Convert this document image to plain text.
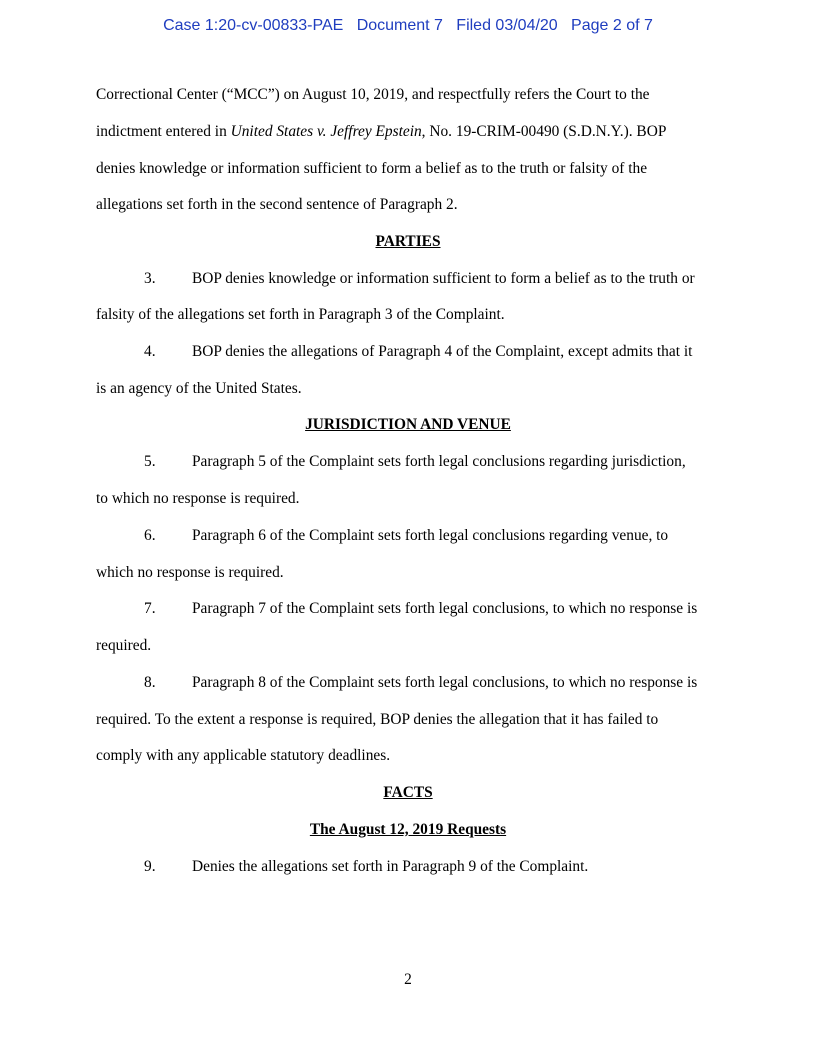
Case 1:20-cv-00833-PAE Document 7 Filed 03/04/20 Page 2 of 7
Correctional Center (“MCC”) on August 10, 2019, and respectfully refers the Court to the
indictment entered in United States v. Jeffrey Epstein, No. 19-CRIM-00490 (S.D.N.Y.). BOP
denies knowledge or information sufficient to form a belief as to the truth or falsity of the
allegations set forth in the second sentence of Paragraph 2.
PARTIES
3. BOP denies knowledge or information sufficient to form a belief as to the truth or
falsity of the allegations set forth in Paragraph 3 of the Complaint.
4. BOP denies the allegations of Paragraph 4 of the Complaint, except admits that it
is an agency of the United States.
JURISDICTION AND VENUE
5. Paragraph 5 of the Complaint sets forth legal conclusions regarding jurisdiction,
to which no response is required.
6. Paragraph 6 of the Complaint sets forth legal conclusions regarding venue, to
which no response is required.
7. Paragraph 7 of the Complaint sets forth legal conclusions, to which no response is
required.
8. Paragraph 8 of the Complaint sets forth legal conclusions, to which no response is
required. To the extent a response is required, BOP denies the allegation that it has failed to
comply with any applicable statutory deadlines.
FACTS
The August 12, 2019 Requests
9. Denies the allegations set forth in Paragraph 9 of the Complaint.
2
